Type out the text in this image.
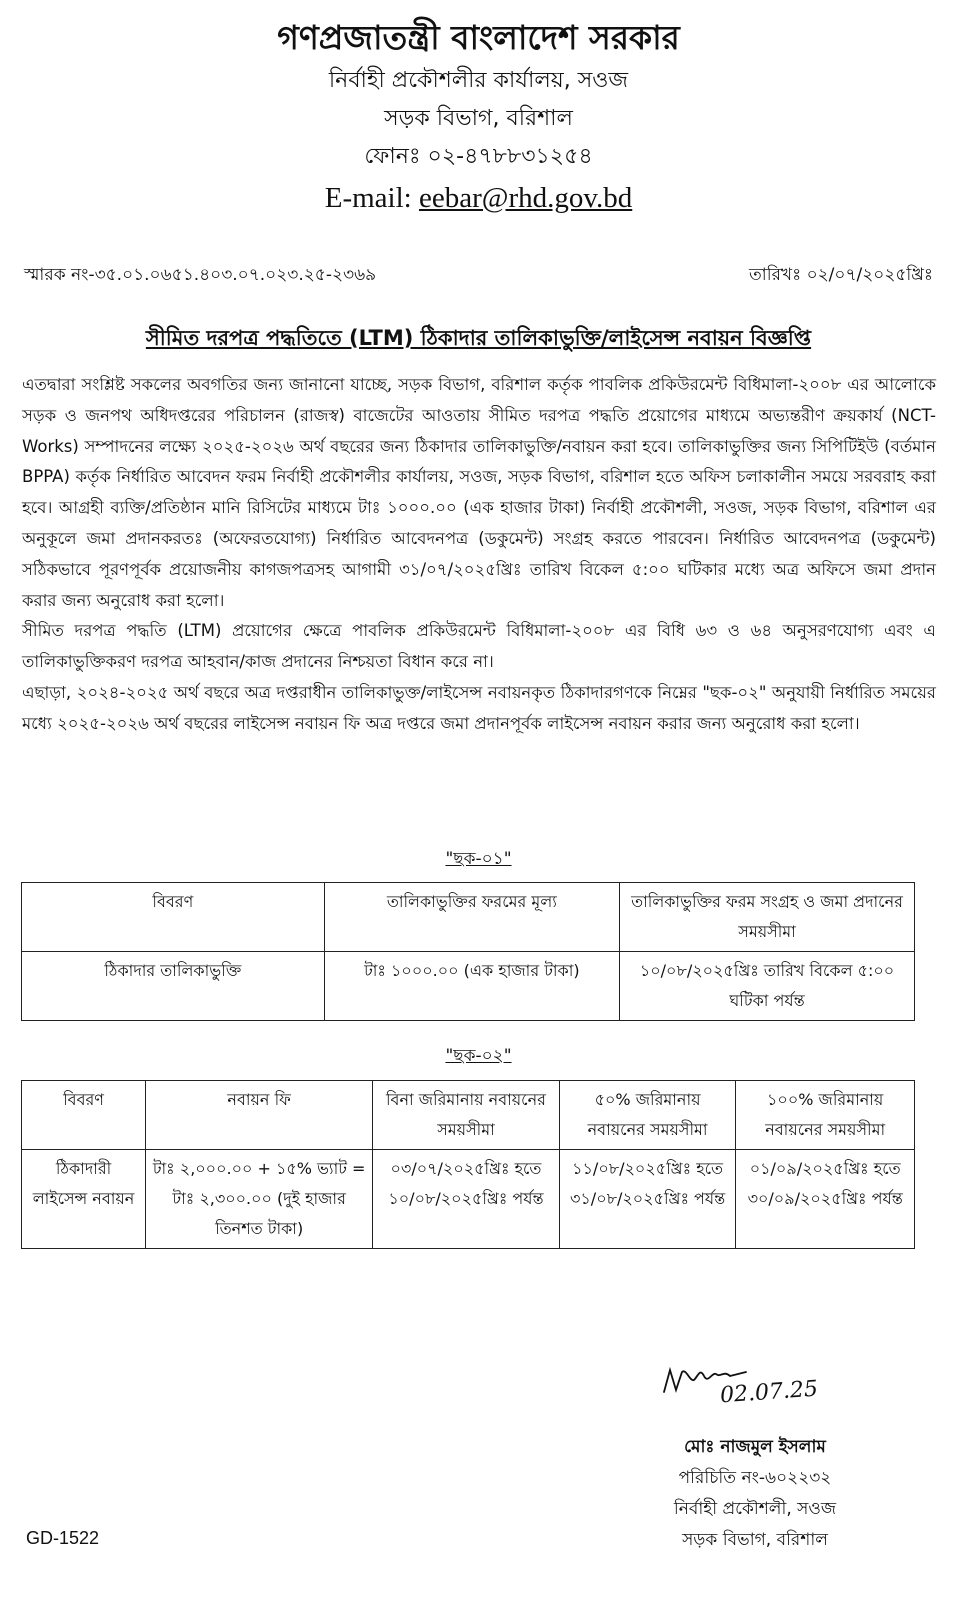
গণপ্রজাতন্ত্রী বাংলাদেশ সরকার
নির্বাহী প্রকৌশলীর কার্যালয়, সওজ
সড়ক বিভাগ, বরিশাল
ফোনঃ ০২-৪৭৮৮৩১২৫৪
E-mail: eebar@rhd.gov.bd
স্মারক নং-৩৫.০১.০৬৫১.৪০৩.০৭.০২৩.২৫-২৩৬৯	তারিখঃ ০২/০৭/২০২৫খ্রিঃ
সীমিত দরপত্র পদ্ধতিতে (LTM) ঠিকাদার তালিকাভুক্তি/লাইসেন্স নবায়ন বিজ্ঞপ্তি

এতদ্বারা সংশ্লিষ্ট সকলের অবগতির জন্য জানানো যাচ্ছে, সড়ক বিভাগ, বরিশাল কর্তৃক পাবলিক প্রকিউরমেন্ট বিধিমালা-২০০৮ এর আলোকে সড়ক ও জনপথ অধিদপ্তরের পরিচালন (রাজস্ব) বাজেটের আওতায় সীমিত দরপত্র পদ্ধতি প্রয়োগের মাধ্যমে অভ্যন্তরীণ ক্রয়কার্য (NCT-Works) সম্পাদনের লক্ষ্যে ২০২৫-২০২৬ অর্থ বছরের জন্য ঠিকাদার তালিকাভুক্তি/নবায়ন করা হবে। তালিকাভুক্তির জন্য সিপিটিইউ (বর্তমান BPPA) কর্তৃক নির্ধারিত আবেদন ফরম নির্বাহী প্রকৌশলীর কার্যালয়, সওজ, সড়ক বিভাগ, বরিশাল হতে অফিস চলাকালীন সময়ে সরবরাহ করা হবে। আগ্রহী ব্যক্তি/প্রতিষ্ঠান মানি রিসিটের মাধ্যমে টাঃ ১০০০.০০ (এক হাজার টাকা) নির্বাহী প্রকৌশলী, সওজ, সড়ক বিভাগ, বরিশাল এর অনুকূলে জমা প্রদানকরতঃ (অফেরতযোগ্য) নির্ধারিত আবেদনপত্র (ডকুমেন্ট) সংগ্রহ করতে পারবেন। নির্ধারিত আবেদনপত্র (ডকুমেন্ট) সঠিকভাবে পূরণপূর্বক প্রয়োজনীয় কাগজপত্রসহ আগামী ৩১/০৭/২০২৫খ্রিঃ তারিখ বিকেল ৫:০০ ঘটিকার মধ্যে অত্র অফিসে জমা প্রদান করার জন্য অনুরোধ করা হলো।

সীমিত দরপত্র পদ্ধতি (LTM) প্রয়োগের ক্ষেত্রে পাবলিক প্রকিউরমেন্ট বিধিমালা-২০০৮ এর বিধি ৬৩ ও ৬৪ অনুসরণযোগ্য এবং এ তালিকাভুক্তিকরণ দরপত্র আহবান/কাজ প্রদানের নিশ্চয়তা বিধান করে না।

এছাড়া, ২০২৪-২০২৫ অর্থ বছরে অত্র দপ্তরাধীন তালিকাভুক্ত/লাইসেন্স নবায়নকৃত ঠিকাদারগণকে নিম্নের "ছক-০২" অনুযায়ী নির্ধারিত সময়ের মধ্যে ২০২৫-২০২৬ অর্থ বছরের লাইসেন্স নবায়ন ফি অত্র দপ্তরে জমা প্রদানপূর্বক লাইসেন্স নবায়ন করার জন্য অনুরোধ করা হলো।

"ছক-০১"
বিবরণ	তালিকাভুক্তির ফরমের মূল্য	তালিকাভুক্তির ফরম সংগ্রহ ও জমা প্রদানের সময়সীমা
ঠিকাদার তালিকাভুক্তি	টাঃ ১০০০.০০ (এক হাজার টাকা)	১০/০৮/২০২৫খ্রিঃ তারিখ বিকেল ৫:০০ ঘটিকা পর্যন্ত
"ছক-০২"
বিবরণ	নবায়ন ফি	বিনা জরিমানায় নবায়নের সময়সীমা	৫০% জরিমানায় নবায়নের সময়সীমা	১০০% জরিমানায় নবায়নের সময়সীমা
ঠিকাদারী লাইসেন্স নবায়ন	টাঃ ২,০০০.০০ + ১৫% ভ্যাট = টাঃ ২,৩০০.০০ (দুই হাজার তিনশত টাকা)	০৩/০৭/২০২৫খ্রিঃ হতে ১০/০৮/২০২৫খ্রিঃ পর্যন্ত	১১/০৮/২০২৫খ্রিঃ হতে ৩১/০৮/২০২৫খ্রিঃ পর্যন্ত	০১/০৯/২০২৫খ্রিঃ হতে ৩০/০৯/২০২৫খ্রিঃ পর্যন্ত
02.07.25
মোঃ নাজমুল ইসলাম
পরিচিতি নং-৬০২২৩২
নির্বাহী প্রকৌশলী, সওজ
সড়ক বিভাগ, বরিশাল
GD-1522
